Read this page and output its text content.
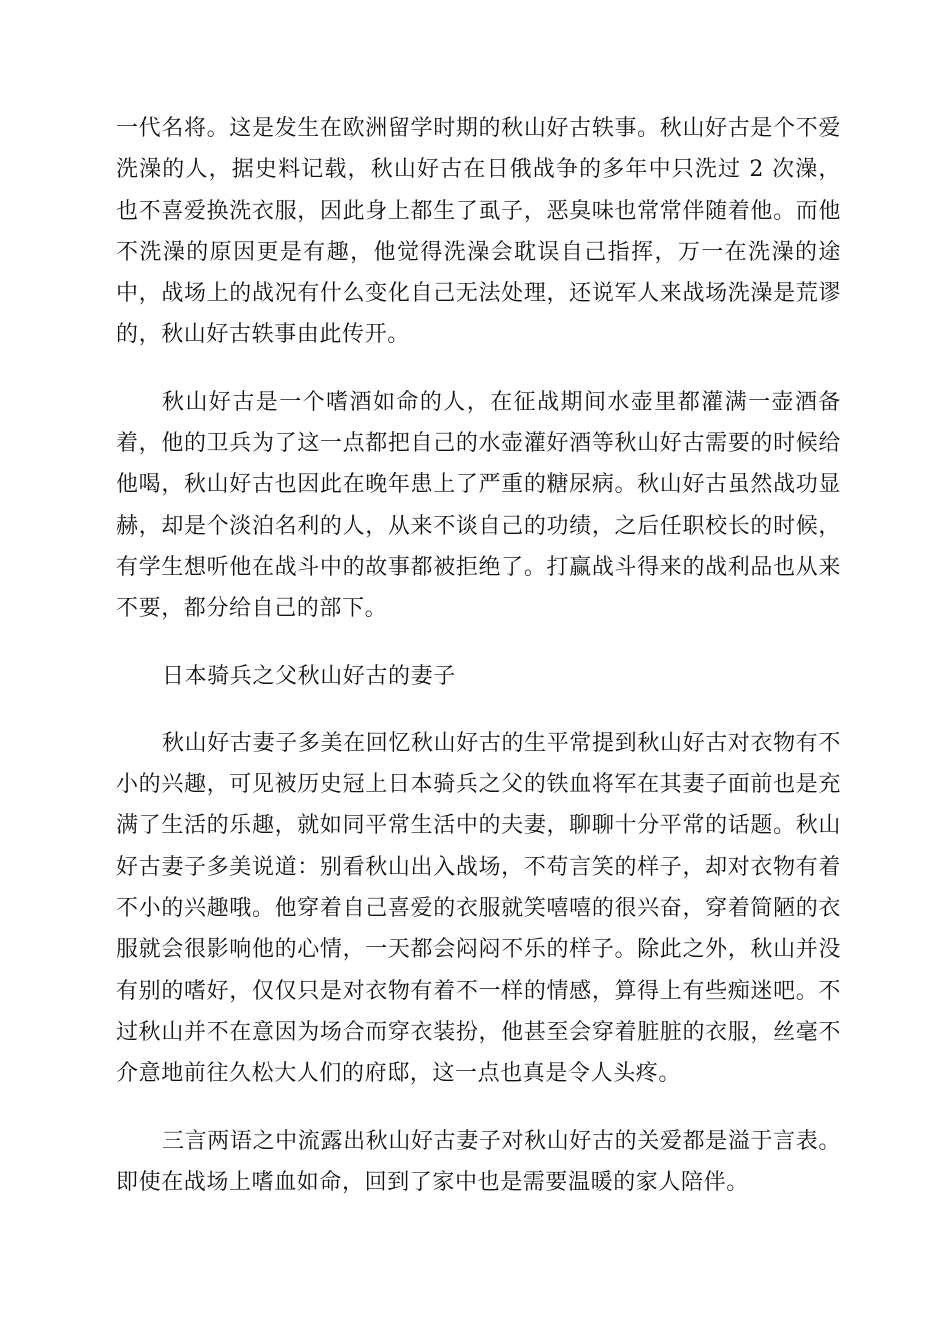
一代名将。这是发生在欧洲留学时期的秋山好古轶事。秋山好古是个不爱洗澡的人，据史料记载，秋山好古在日俄战争的多年中只洗过 2 次澡，也不喜爱换洗衣服，因此身上都生了虱子，恶臭味也常常伴随着他。而他不洗澡的原因更是有趣，他觉得洗澡会耽误自己指挥，万一在洗澡的途中，战场上的战况有什么变化自己无法处理，还说军人来战场洗澡是荒谬的，秋山好古轶事由此传开。

秋山好古是一个嗜酒如命的人，在征战期间水壶里都灌满一壶酒备着，他的卫兵为了这一点都把自己的水壶灌好酒等秋山好古需要的时候给他喝，秋山好古也因此在晚年患上了严重的糖尿病。秋山好古虽然战功显赫，却是个淡泊名利的人，从来不谈自己的功绩，之后任职校长的时候，有学生想听他在战斗中的故事都被拒绝了。打赢战斗得来的战利品也从来不要，都分给自己的部下。

日本骑兵之父秋山好古的妻子

秋山好古妻子多美在回忆秋山好古的生平常提到秋山好古对衣物有不小的兴趣，可见被历史冠上日本骑兵之父的铁血将军在其妻子面前也是充满了生活的乐趣，就如同平常生活中的夫妻，聊聊十分平常的话题。秋山好古妻子多美说道：别看秋山出入战场，不苟言笑的样子，却对衣物有着不小的兴趣哦。他穿着自己喜爱的衣服就笑嘻嘻的很兴奋，穿着简陋的衣服就会很影响他的心情，一天都会闷闷不乐的样子。除此之外，秋山并没有别的嗜好，仅仅只是对衣物有着不一样的情感，算得上有些痴迷吧。不过秋山并不在意因为场合而穿衣装扮，他甚至会穿着脏脏的衣服，丝毫不介意地前往久松大人们的府邸，这一点也真是令人头疼。

三言两语之中流露出秋山好古妻子对秋山好古的关爱都是溢于言表。即使在战场上嗜血如命，回到了家中也是需要温暖的家人陪伴。
